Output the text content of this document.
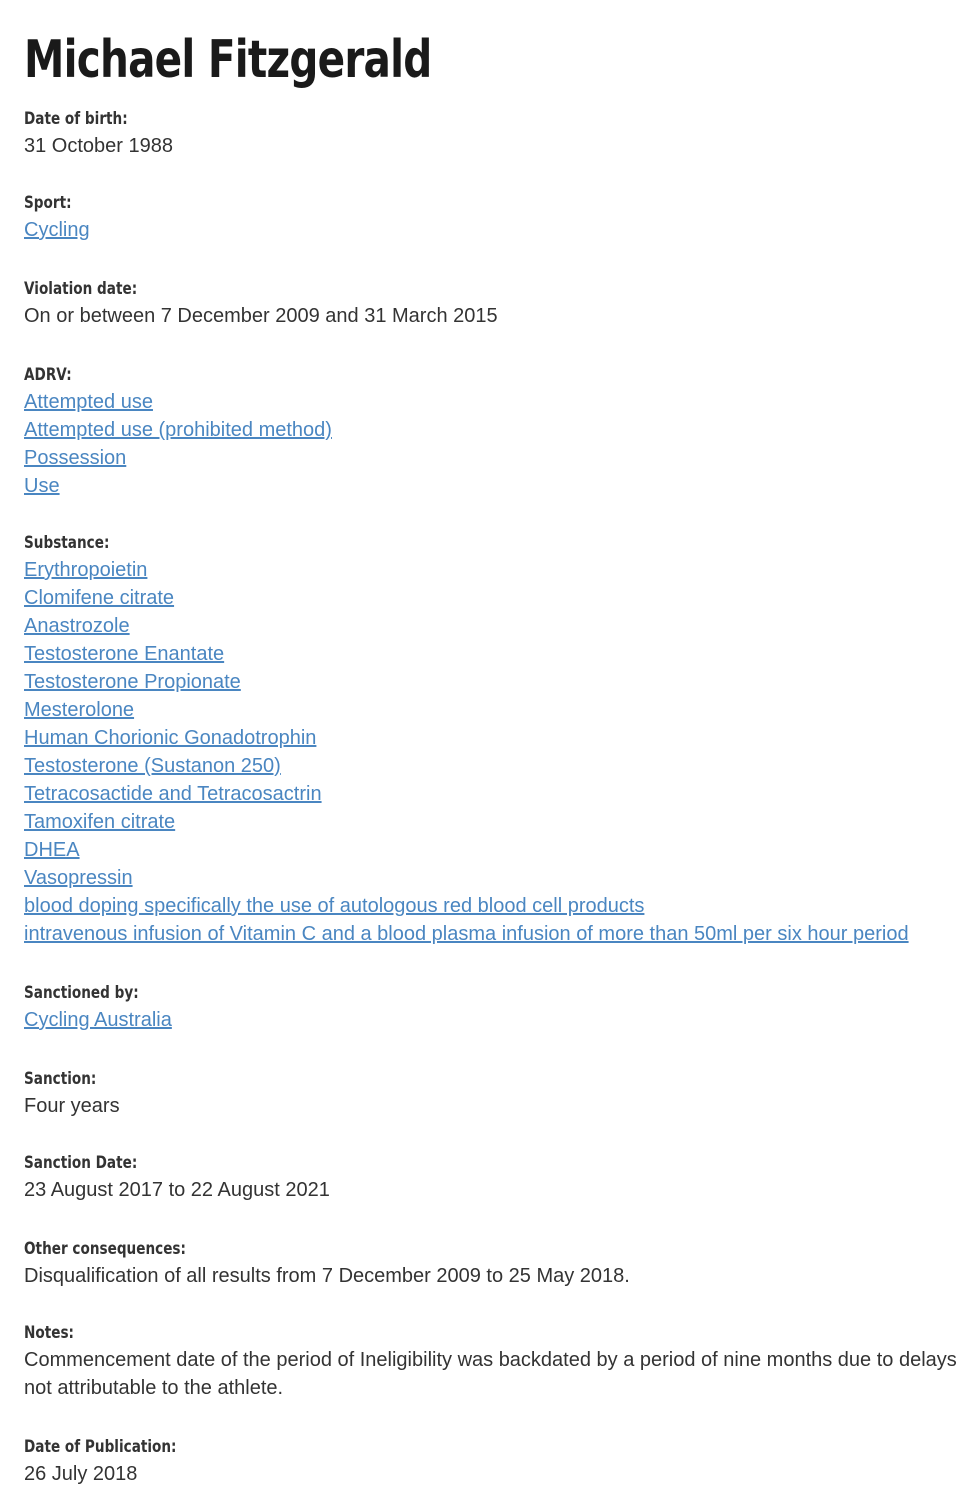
Michael Fitzgerald
Date of birth:
31 October 1988
Sport:
Cycling
Violation date:
On or between 7 December 2009 and 31 March 2015
ADRV:
Attempted use
Attempted use (prohibited method)
Possession
Use
Substance:
Erythropoietin
Clomifene citrate
Anastrozole
Testosterone Enantate
Testosterone Propionate
Mesterolone
Human Chorionic Gonadotrophin
Testosterone (Sustanon 250)
Tetracosactide and Tetracosactrin
Tamoxifen citrate
DHEA
Vasopressin
blood doping specifically the use of autologous red blood cell products
intravenous infusion of Vitamin C and a blood plasma infusion of more than 50ml per six hour period
Sanctioned by:
Cycling Australia
Sanction:
Four years
Sanction Date:
23 August 2017 to 22 August 2021
Other consequences:
Disqualification of all results from 7 December 2009 to 25 May 2018.
Notes:
Commencement date of the period of Ineligibility was backdated by a period of nine months due to delays not attributable to the athlete.
Date of Publication:
26 July 2018
